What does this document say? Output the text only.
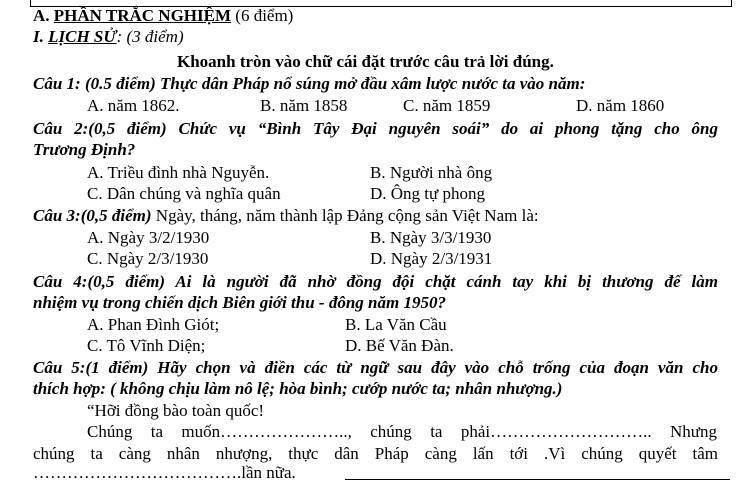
A. PHẦN TRẮC NGHIỆM (6 điểm)
I. LỊCH SỬ: (3 điểm)
Khoanh tròn vào chữ cái đặt trước câu trả lời đúng.
Câu 1: (0.5 điểm) Thực dân Pháp nổ súng mở đầu xâm lược nước ta vào năm:
A. năm 1862.	B. năm 1858	C. năm 1859	D. năm 1860
Câu 2:(0,5 điểm) Chức vụ “Bình Tây Đại nguyên soái” do ai phong tặng cho ông
Trương Định?
A. Triều đình nhà Nguyễn.	B. Người nhà ông
C. Dân chúng và nghĩa quân	D. Ông tự phong
Câu 3:(0,5 điểm) Ngày, tháng, năm thành lập Đảng cộng sản Việt Nam là:
A. Ngày 3/2/1930	B. Ngày 3/3/1930
C. Ngày 2/3/1930	D. Ngày 2/3/1931
Câu 4:(0,5 điểm) Ai là người đã nhờ đồng đội chặt cánh tay khi bị thương để làm
nhiệm vụ trong chiến dịch Biên giới thu - đông năm 1950?
A. Phan Đình Giót;	B. La Văn Cầu
C. Tô Vĩnh Diện;	D. Bế Văn Đàn.
Câu 5:(1 điểm) Hãy chọn và điền các từ ngữ sau đây vào chỗ trống của đoạn văn cho
thích hợp: ( không chịu làm nô lệ; hòa bình; cướp nước ta; nhân nhượng.)
“Hỡi đồng bào toàn quốc!
Chúng ta muốn………………….., chúng ta phải……………………….. Nhưng
chúng ta càng nhân nhượng, thực dân Pháp càng lấn tới .Vì chúng quyết tâm
……………………………….lần nữa.
